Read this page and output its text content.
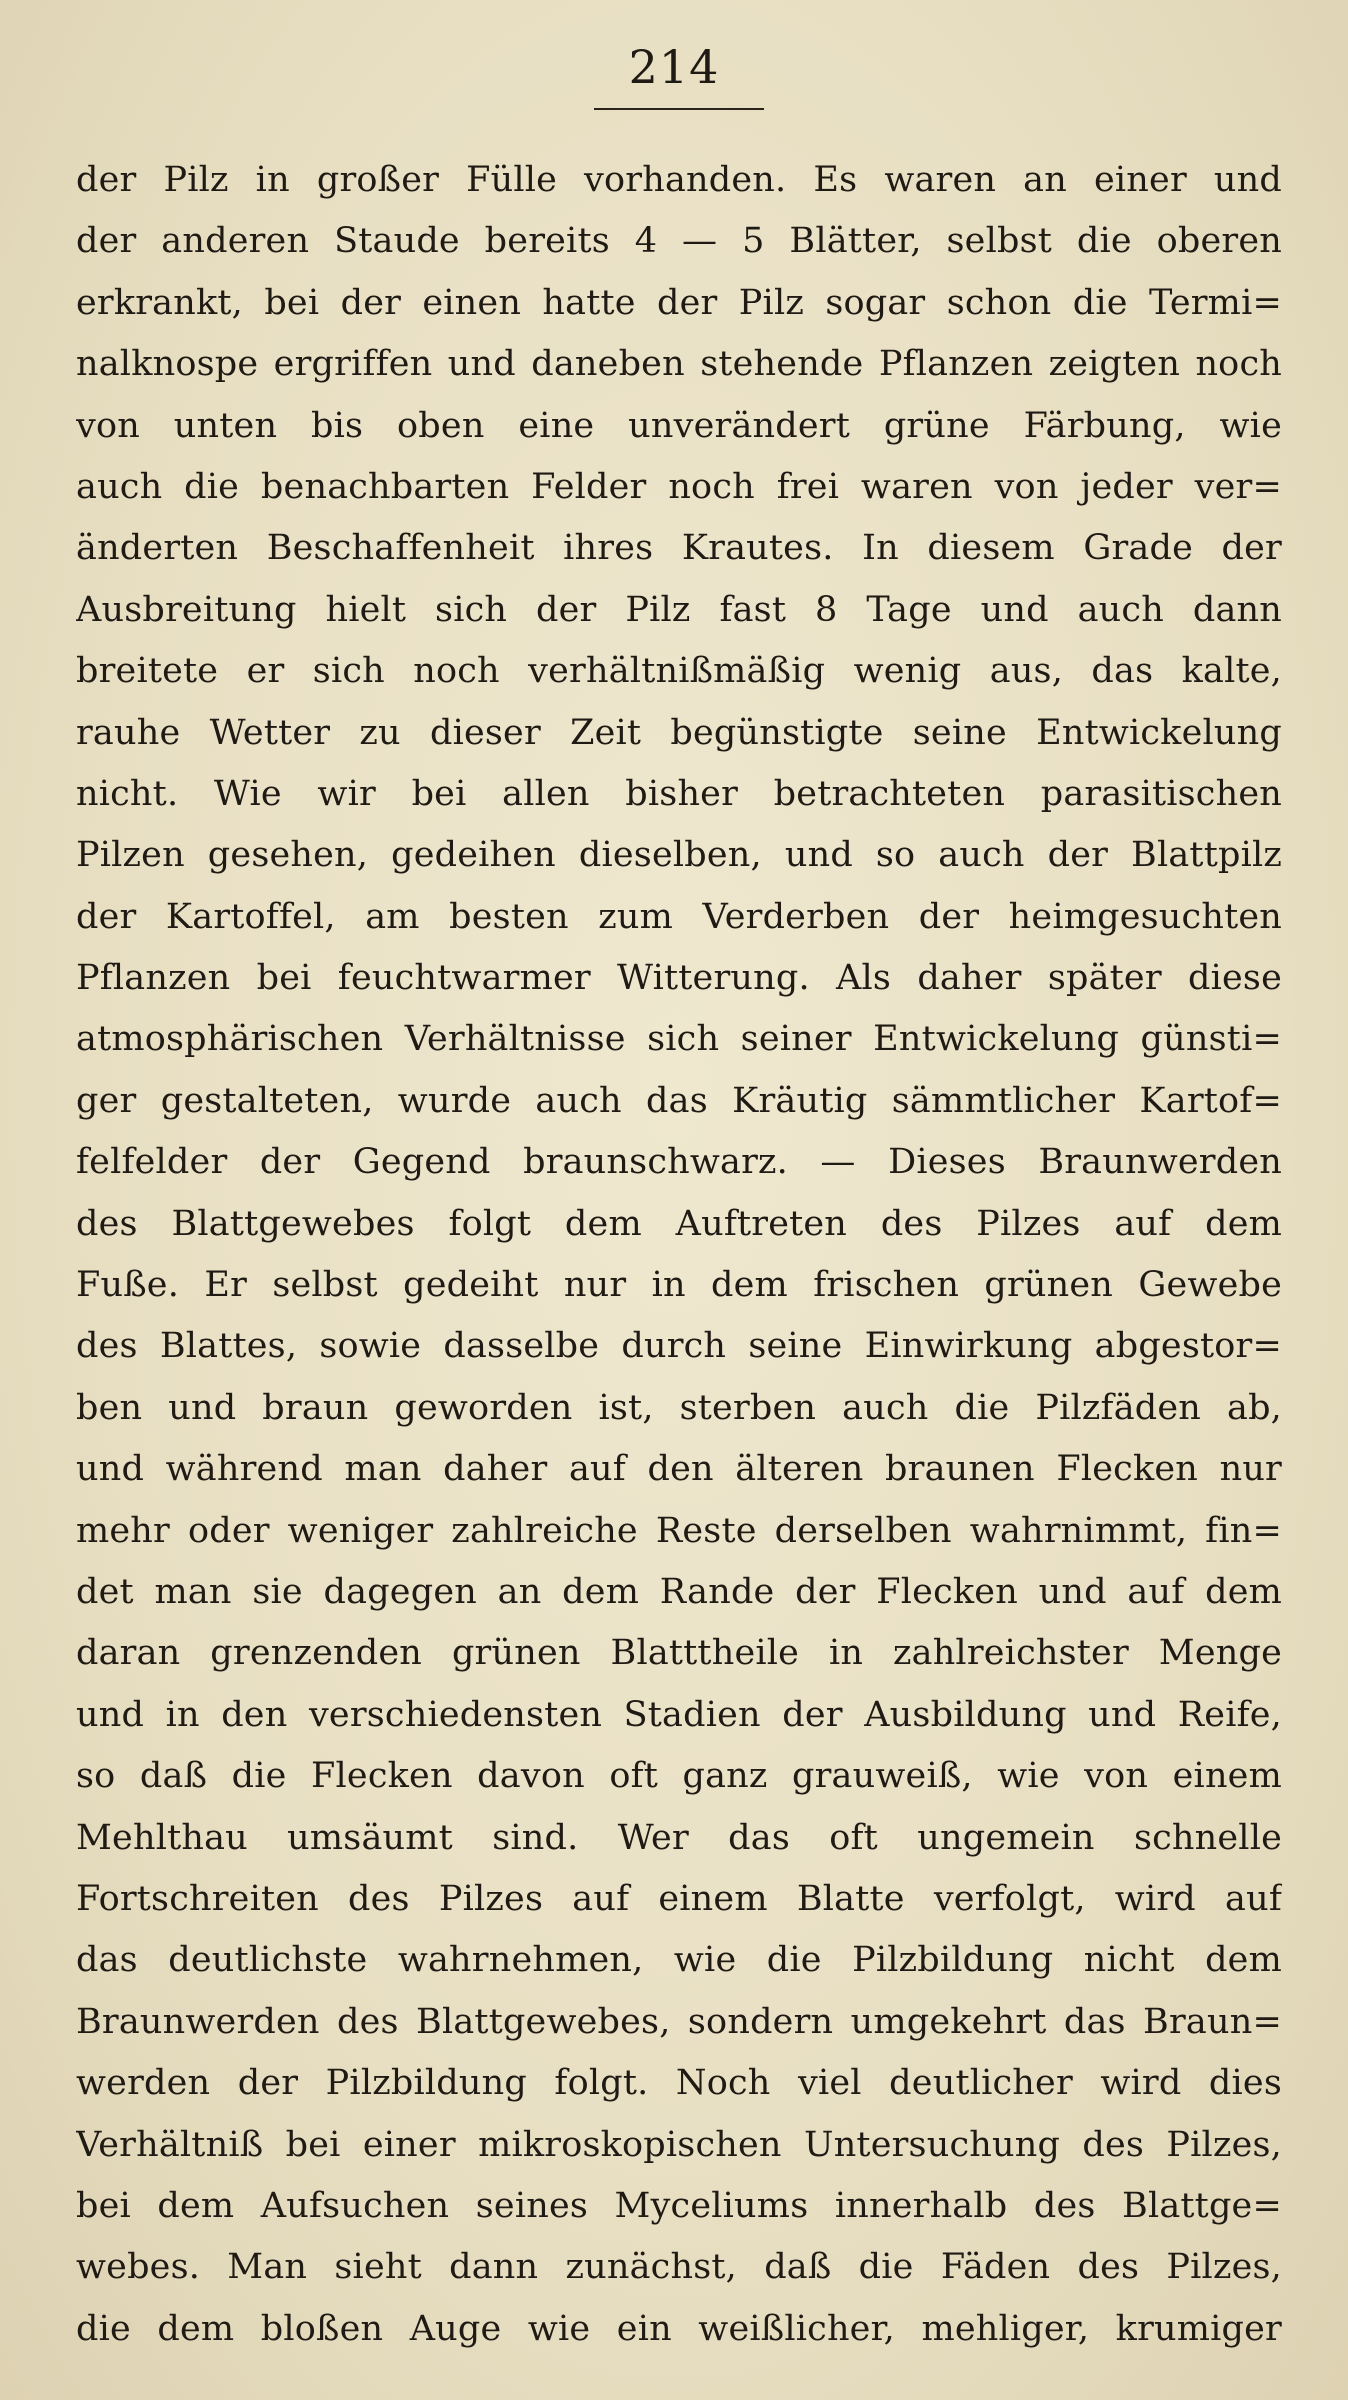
214
der Pilz in großer Fülle vorhanden. Es waren an einer und
der anderen Staude bereits 4 — 5 Blätter, selbst die oberen
erkrankt, bei der einen hatte der Pilz sogar schon die Termi=
nalknospe ergriffen und daneben stehende Pflanzen zeigten noch
von unten bis oben eine unverändert grüne Färbung, wie
auch die benachbarten Felder noch frei waren von jeder ver=
änderten Beschaffenheit ihres Krautes. In diesem Grade der
Ausbreitung hielt sich der Pilz fast 8 Tage und auch dann
breitete er sich noch verhältnißmäßig wenig aus, das kalte,
rauhe Wetter zu dieser Zeit begünstigte seine Entwickelung
nicht. Wie wir bei allen bisher betrachteten parasitischen
Pilzen gesehen, gedeihen dieselben, und so auch der Blattpilz
der Kartoffel, am besten zum Verderben der heimgesuchten
Pflanzen bei feuchtwarmer Witterung. Als daher später diese
atmosphärischen Verhältnisse sich seiner Entwickelung günsti=
ger gestalteten, wurde auch das Kräutig sämmtlicher Kartof=
felfelder der Gegend braunschwarz. — Dieses Braunwerden
des Blattgewebes folgt dem Auftreten des Pilzes auf dem
Fuße. Er selbst gedeiht nur in dem frischen grünen Gewebe
des Blattes, sowie dasselbe durch seine Einwirkung abgestor=
ben und braun geworden ist, sterben auch die Pilzfäden ab,
und während man daher auf den älteren braunen Flecken nur
mehr oder weniger zahlreiche Reste derselben wahrnimmt, fin=
det man sie dagegen an dem Rande der Flecken und auf dem
daran grenzenden grünen Blatttheile in zahlreichster Menge
und in den verschiedensten Stadien der Ausbildung und Reife,
so daß die Flecken davon oft ganz grauweiß, wie von einem
Mehlthau umsäumt sind. Wer das oft ungemein schnelle
Fortschreiten des Pilzes auf einem Blatte verfolgt, wird auf
das deutlichste wahrnehmen, wie die Pilzbildung nicht dem
Braunwerden des Blattgewebes, sondern umgekehrt das Braun=
werden der Pilzbildung folgt. Noch viel deutlicher wird dies
Verhältniß bei einer mikroskopischen Untersuchung des Pilzes,
bei dem Aufsuchen seines Myceliums innerhalb des Blattge=
webes. Man sieht dann zunächst, daß die Fäden des Pilzes,
die dem bloßen Auge wie ein weißlicher, mehliger, krumiger
